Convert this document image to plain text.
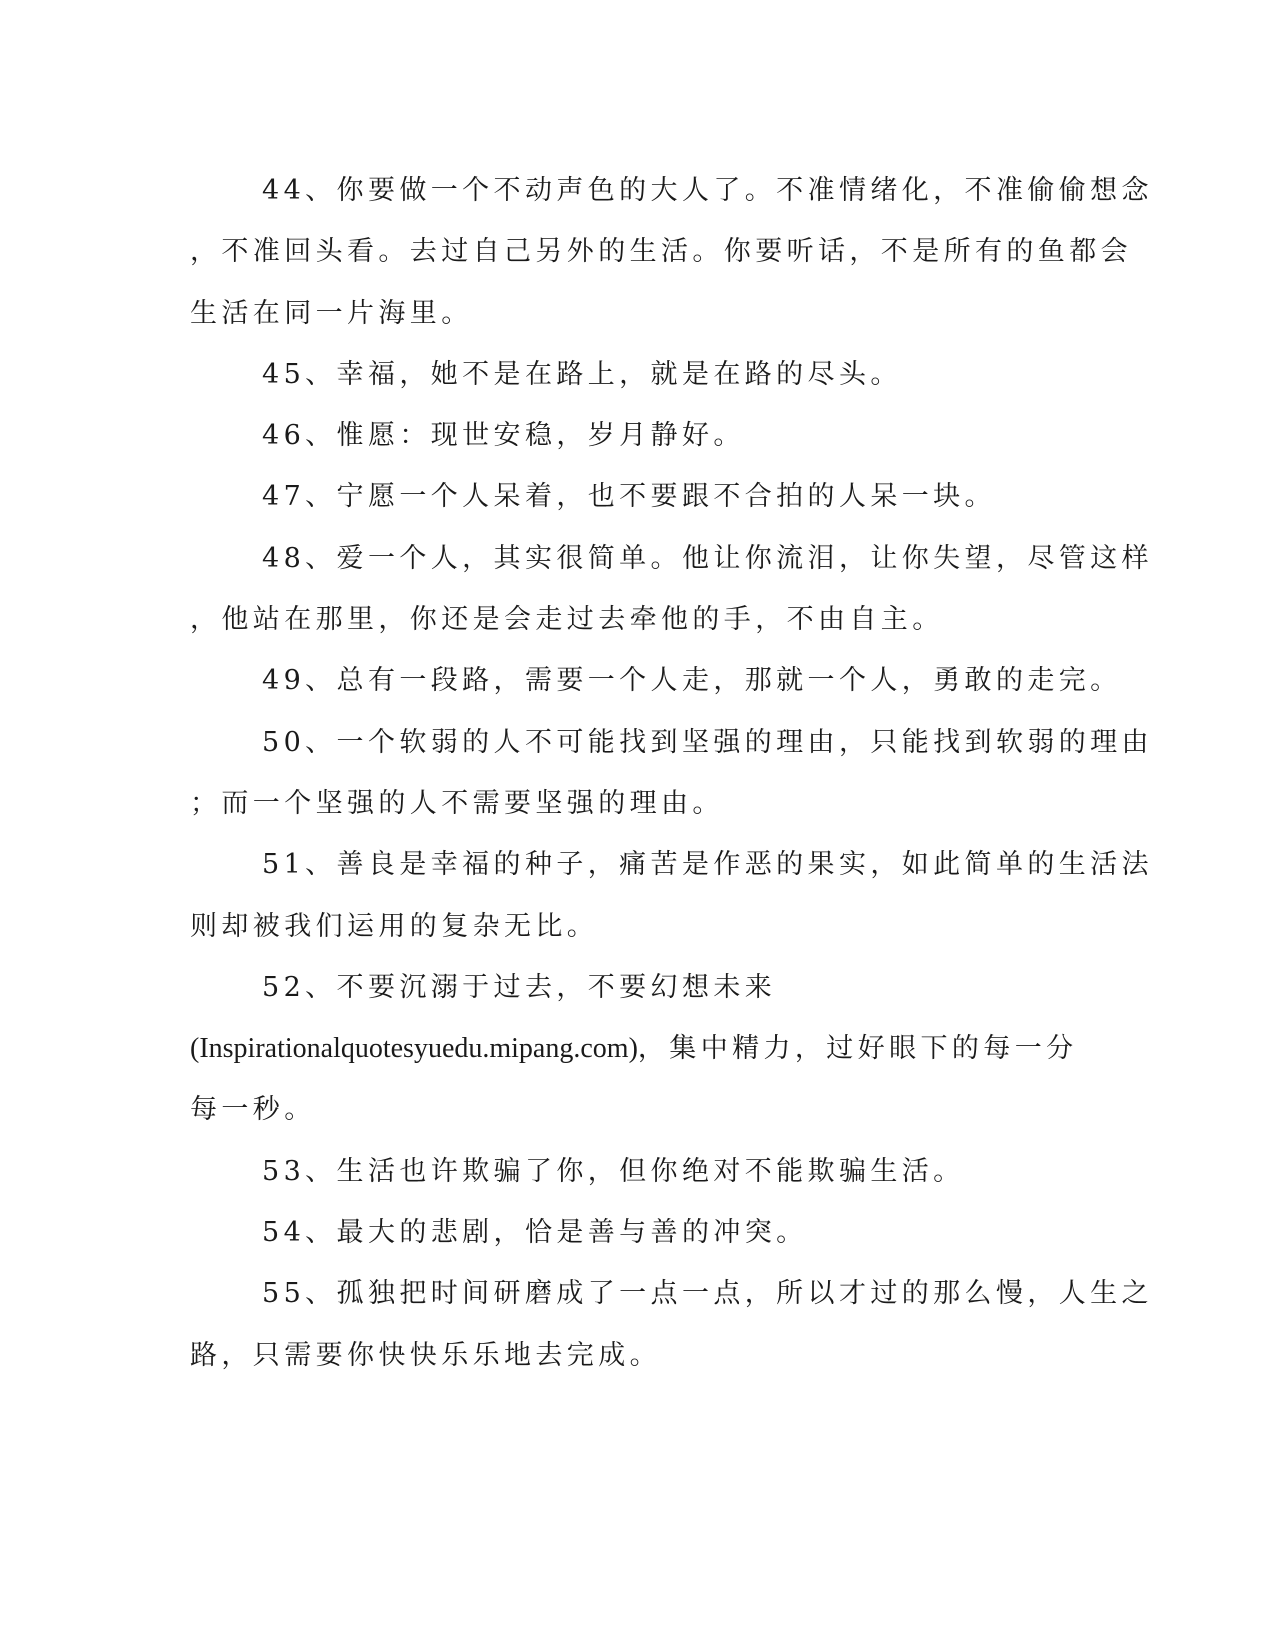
44、你要做一个不动声色的大人了。不准情绪化，不准偷偷想念
，不准回头看。去过自己另外的生活。你要听话，不是所有的鱼都会
生活在同一片海里。
45、幸福，她不是在路上，就是在路的尽头。
46、惟愿：现世安稳，岁月静好。
47、宁愿一个人呆着，也不要跟不合拍的人呆一块。
48、爱一个人，其实很简单。他让你流泪，让你失望，尽管这样
，他站在那里，你还是会走过去牵他的手，不由自主。
49、总有一段路，需要一个人走，那就一个人，勇敢的走完。
50、一个软弱的人不可能找到坚强的理由，只能找到软弱的理由
；而一个坚强的人不需要坚强的理由。
51、善良是幸福的种子，痛苦是作恶的果实，如此简单的生活法
则却被我们运用的复杂无比。
52、不要沉溺于过去，不要幻想未来
(Inspirationalquotesyuedu.mipang.com)，集中精力，过好眼下的每一分
每一秒。
53、生活也许欺骗了你，但你绝对不能欺骗生活。
54、最大的悲剧，恰是善与善的冲突。
55、孤独把时间研磨成了一点一点，所以才过的那么慢，人生之
路，只需要你快快乐乐地去完成。
